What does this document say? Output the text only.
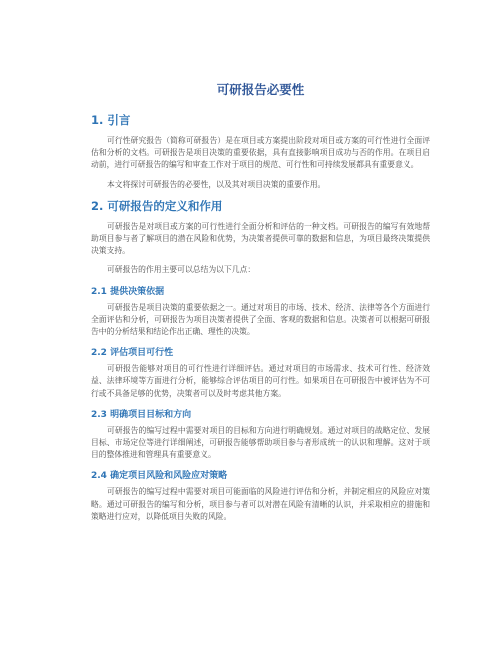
可研报告必要性
1. 引言

可行性研究报告（简称可研报告）是在项目或方案提出阶段对项目或方案的可行性进行全面评估和分析的文档。可研报告是项目决策的重要依据，具有直接影响项目成功与否的作用。在项目启动前，进行可研报告的编写和审查工作对于项目的规范、可行性和可持续发展都具有重要意义。

本文将探讨可研报告的必要性，以及其对项目决策的重要作用。

2. 可研报告的定义和作用

可研报告是对项目或方案的可行性进行全面分析和评估的一种文档。可研报告的编写有效地帮助项目参与者了解项目的潜在风险和优势，为决策者提供可靠的数据和信息，为项目最终决策提供决策支持。

可研报告的作用主要可以总结为以下几点：

2.1 提供决策依据

可研报告是项目决策的重要依据之一。通过对项目的市场、技术、经济、法律等各个方面进行全面评估和分析，可研报告为项目决策者提供了全面、客观的数据和信息。决策者可以根据可研报告中的分析结果和结论作出正确、理性的决策。

2.2 评估项目可行性

可研报告能够对项目的可行性进行详细评估。通过对项目的市场需求、技术可行性、经济效益、法律环境等方面进行分析，能够综合评估项目的可行性。如果项目在可研报告中被评估为不可行或不具备足够的优势，决策者可以及时考虑其他方案。

2.3 明确项目目标和方向

可研报告的编写过程中需要对项目的目标和方向进行明确规划。通过对项目的战略定位、发展目标、市场定位等进行详细阐述，可研报告能够帮助项目参与者形成统一的认识和理解。这对于项目的整体推进和管理具有重要意义。

2.4 确定项目风险和风险应对策略

可研报告的编写过程中需要对项目可能面临的风险进行评估和分析，并制定相应的风险应对策略。通过可研报告的编写和分析，项目参与者可以对潜在风险有清晰的认识，并采取相应的措施和策略进行应对，以降低项目失败的风险。
